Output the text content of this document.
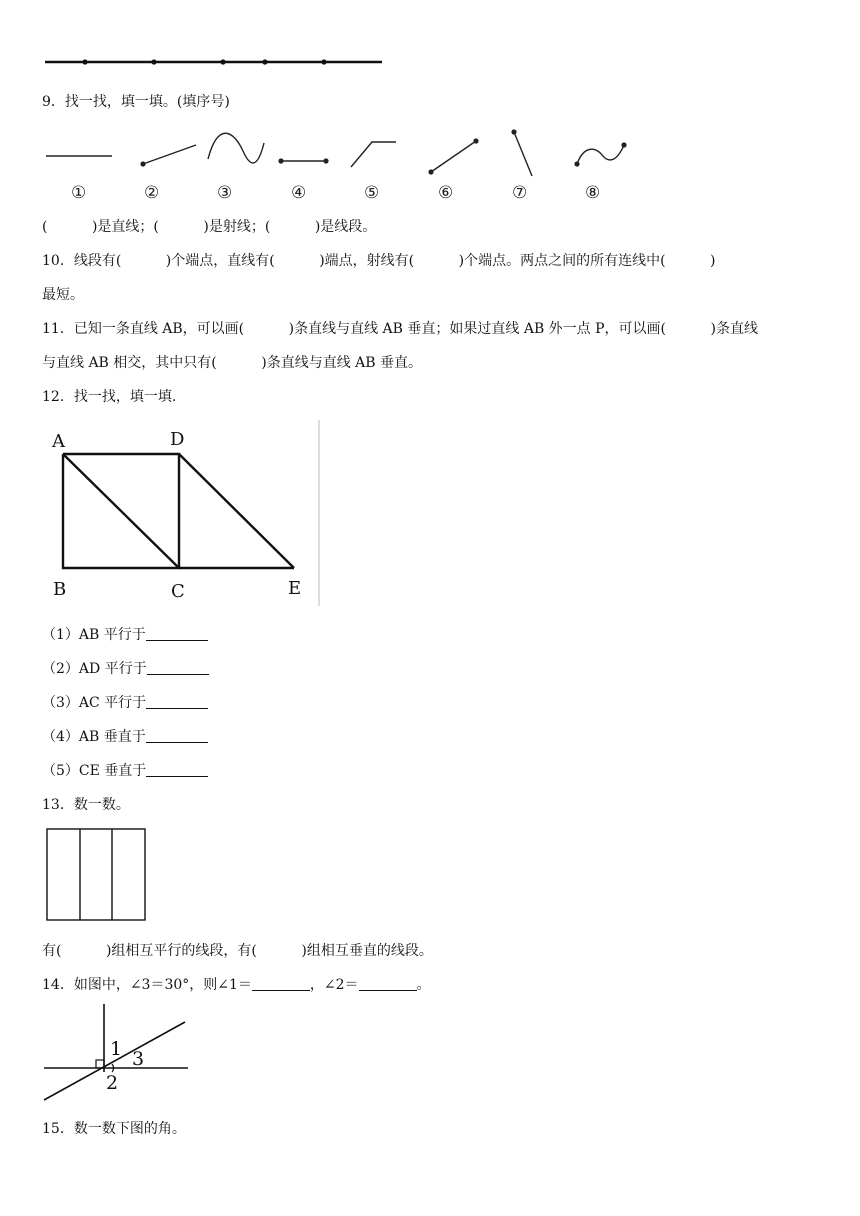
9．找一找，填一填。(填序号)
①	②	③	④	⑤	⑥	⑦	⑧
(          )是直线；(          )是射线；(          )是线段。
10．线段有(          )个端点，直线有(          )端点，射线有(          )个端点。两点之间的所有连线中(          )
最短。
11．已知一条直线 AB，可以画(          )条直线与直线 AB 垂直；如果过直线 AB 外一点 P，可以画(          )条直线
与直线 AB 相交，其中只有(          )条直线与直线 AB 垂直。
12．找一找，填一填.
A	D
B	C	E
（1）AB 平行于
（2）AD 平行于
（3）AC 平行于
（4）AB 垂直于
（5）CE 垂直于
13．数一数。
有(          )组相互平行的线段，有(          )组相互垂直的线段。
14．如图中，∠3＝30°，则∠1＝	，∠2＝	。
1
2
3
15．数一数下图的角。
